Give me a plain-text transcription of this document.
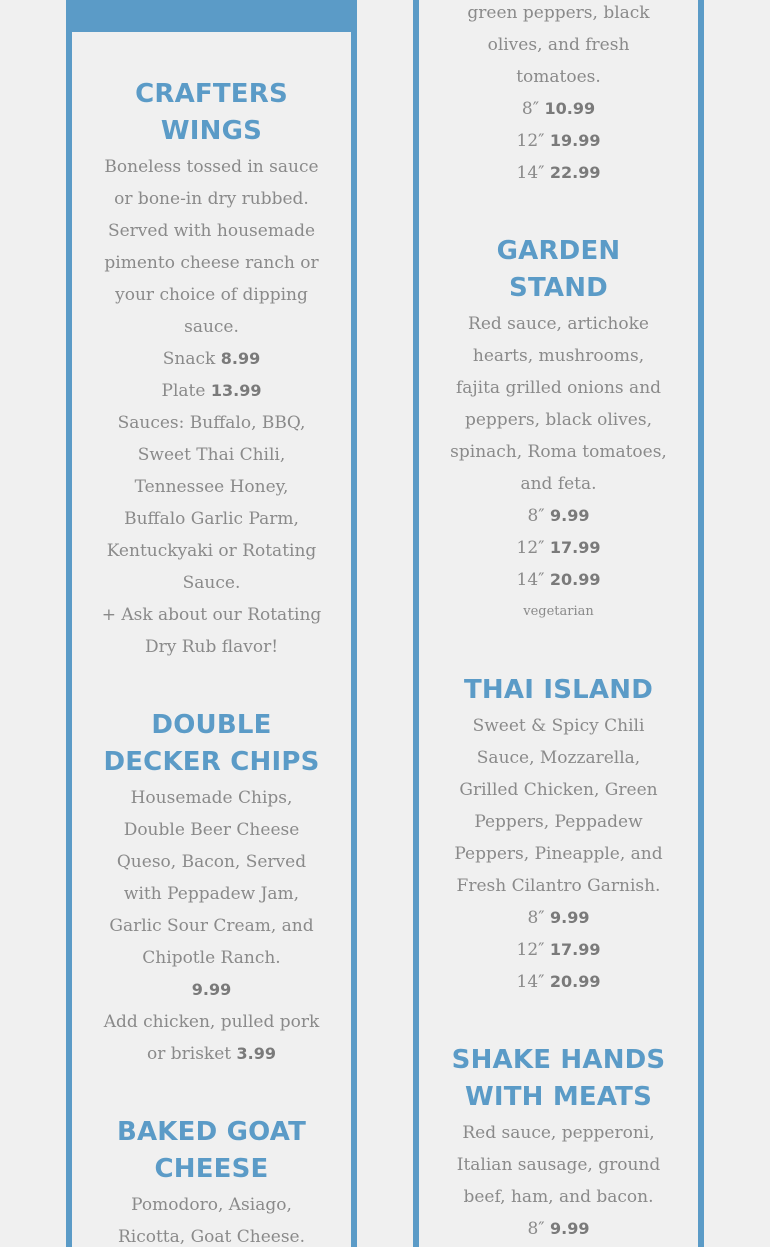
CRAFTERS
WINGS
Boneless tossed in sauce
or bone-in dry rubbed.
Served with housemade
pimento cheese ranch or
your choice of dipping
sauce.
Snack 8.99
Plate 13.99
Sauces: Buffalo, BBQ,
Sweet Thai Chili,
Tennessee Honey,
Buffalo Garlic Parm,
Kentuckyaki or Rotating
Sauce.
+ Ask about our Rotating
Dry Rub flavor!
DOUBLE
DECKER CHIPS
Housemade Chips,
Double Beer Cheese
Queso, Bacon, Served
with Peppadew Jam,
Garlic Sour Cream, and
Chipotle Ranch.
9.99
Add chicken, pulled pork
or brisket 3.99
BAKED GOAT
CHEESE
Pomodoro, Asiago,
Ricotta, Goat Cheese.
green peppers, black
olives, and fresh
tomatoes.
8″ 10.99
12″ 19.99
14″ 22.99
GARDEN
STAND
Red sauce, artichoke
hearts, mushrooms,
fajita grilled onions and
peppers, black olives,
spinach, Roma tomatoes,
and feta.
8″ 9.99
12″ 17.99
14″ 20.99
vegetarian
THAI ISLAND
Sweet & Spicy Chili
Sauce, Mozzarella,
Grilled Chicken, Green
Peppers, Peppadew
Peppers, Pineapple, and
Fresh Cilantro Garnish.
8″ 9.99
12″ 17.99
14″ 20.99
SHAKE HANDS
WITH MEATS
Red sauce, pepperoni,
Italian sausage, ground
beef, ham, and bacon.
8″ 9.99
